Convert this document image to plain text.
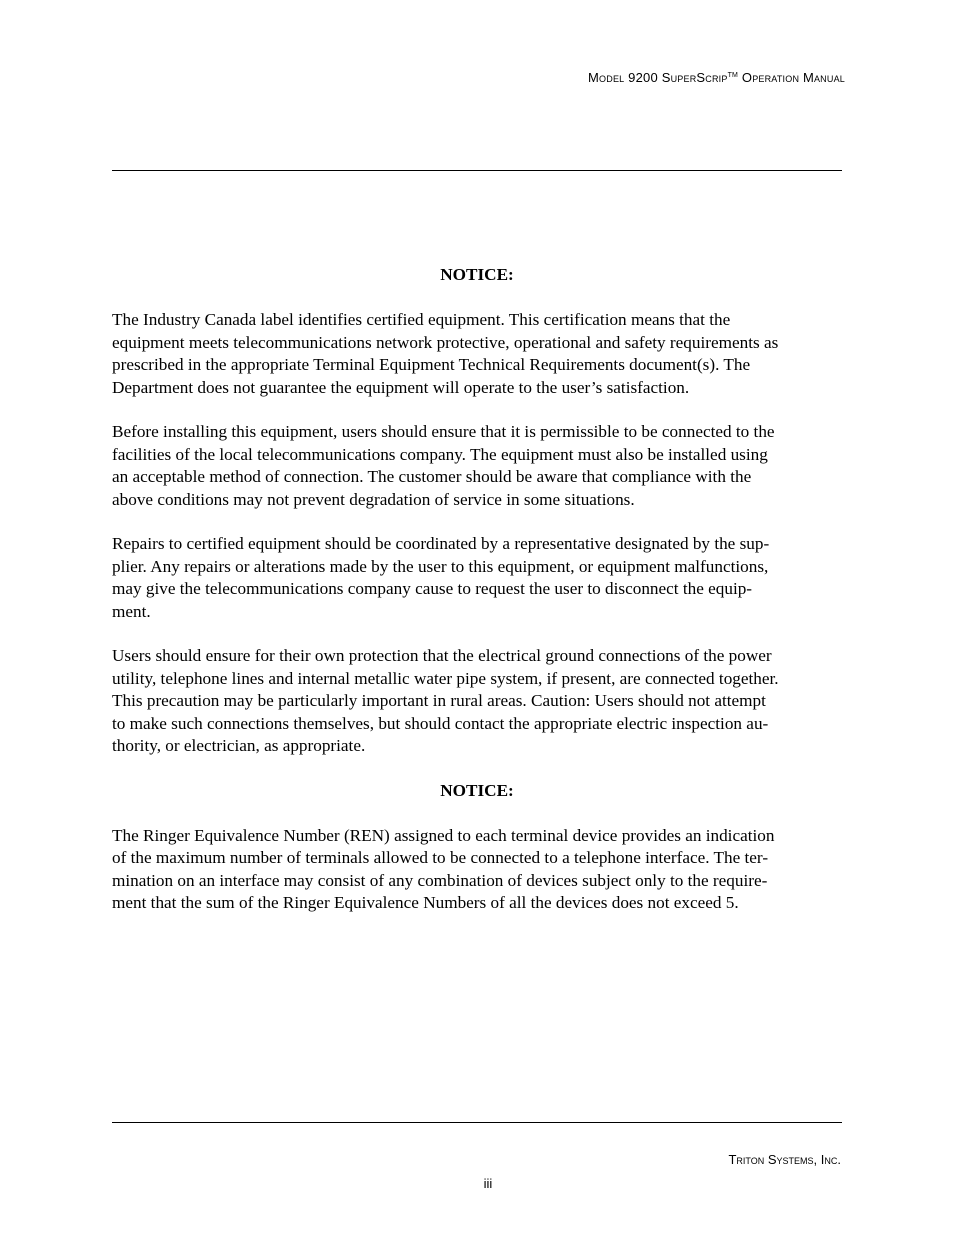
Model 9200 SuperScrip™ Operation Manual
NOTICE:
The Industry Canada label identifies certified equipment. This certification means that the
equipment meets telecommunications network protective, operational and safety requirements as
prescribed in the appropriate Terminal Equipment Technical Requirements document(s). The
Department does not guarantee the equipment will operate to the user’s satisfaction.
Before installing this equipment, users should ensure that it is permissible to be connected to the
facilities of the local telecommunications company. The equipment must also be installed using
an acceptable method of connection. The customer should be aware that compliance with the
above conditions may not prevent degradation of service in some situations.
Repairs to certified equipment should be coordinated by a representative designated by the sup-
plier. Any repairs or alterations made by the user to this equipment, or equipment malfunctions,
may give the telecommunications company cause to request the user to disconnect the equip-
ment.
Users should ensure for their own protection that the electrical ground connections of the power
utility, telephone lines and internal metallic water pipe system, if present, are connected together.
This precaution may be particularly important in rural areas. Caution: Users should not attempt
to make such connections themselves, but should contact the appropriate electric inspection au-
thority, or electrician, as appropriate.
NOTICE:
The Ringer Equivalence Number (REN) assigned to each terminal device provides an indication
of the maximum number of terminals allowed to be connected to a telephone interface. The ter-
mination on an interface may consist of any combination of devices subject only to the require-
ment that the sum of the Ringer Equivalence Numbers of all the devices does not exceed 5.
Triton Systems, Inc.
iii
